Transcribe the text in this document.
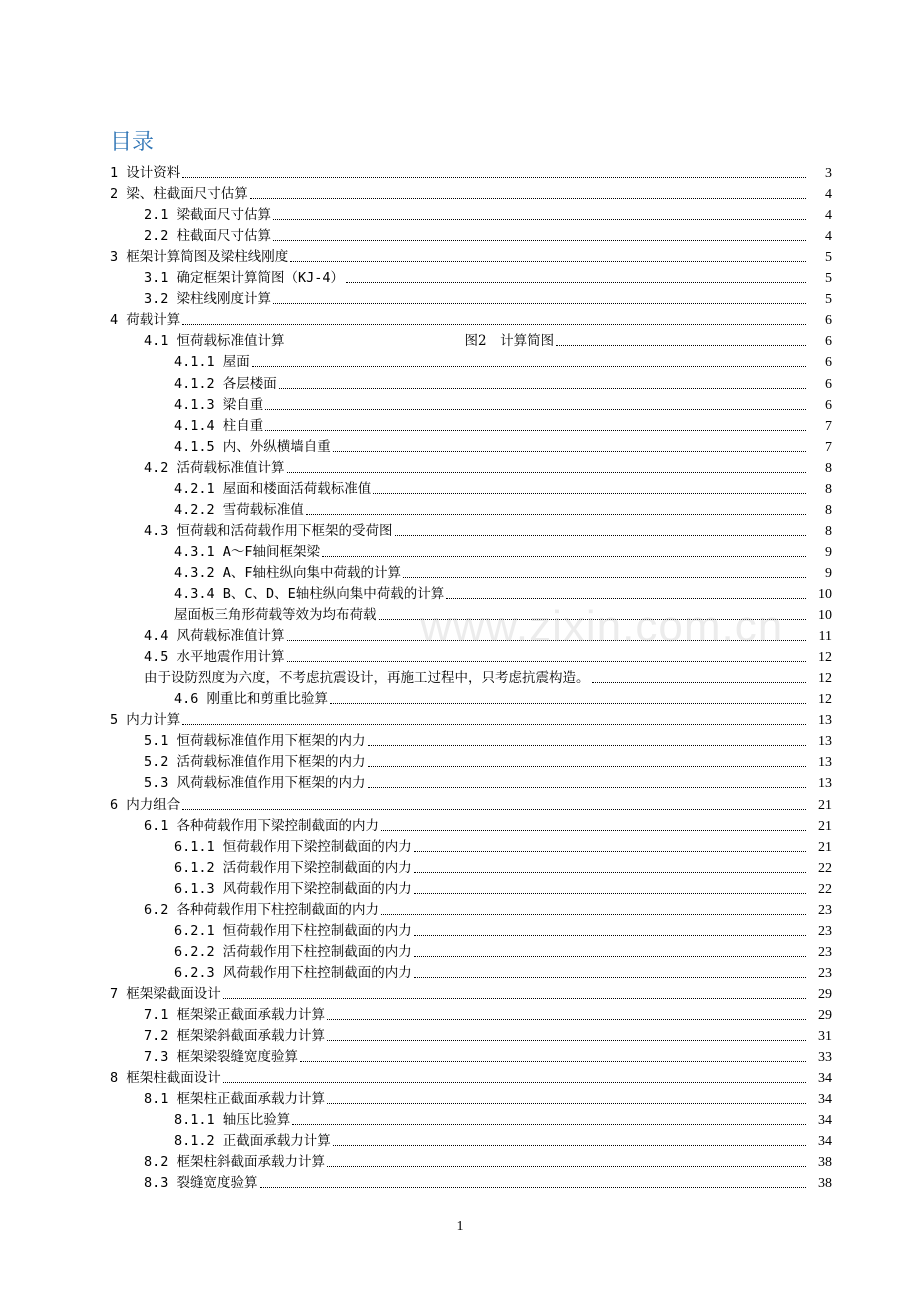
目录
1 设计资料	3
2 梁、柱截面尺寸估算	4
2.1 梁截面尺寸估算	4
2.2 柱截面尺寸估算	4
3 框架计算简图及梁柱线刚度	5
3.1 确定框架计算简图（KJ-4）	5
3.2 梁柱线刚度计算	5
4 荷载计算	6
4.1 恒荷载标准值计算	图2　计算简图	6
4.1.1 屋面	6
4.1.2 各层楼面	6
4.1.3 梁自重	6
4.1.4 柱自重	7
4.1.5 内、外纵横墙自重	7
4.2 活荷载标准值计算	8
4.2.1 屋面和楼面活荷载标准值	8
4.2.2 雪荷载标准值	8
4.3 恒荷载和活荷载作用下框架的受荷图	8
4.3.1 A～F轴间框架梁	9
4.3.2 A、F轴柱纵向集中荷载的计算	9
4.3.4 B、C、D、E轴柱纵向集中荷载的计算	10
屋面板三角形荷载等效为均布荷载	10
4.4 风荷载标准值计算	11
4.5 水平地震作用计算	12
由于设防烈度为六度，不考虑抗震设计，再施工过程中，只考虑抗震构造。	12
4.6 刚重比和剪重比验算	12
5 内力计算	13
5.1 恒荷载标准值作用下框架的内力	13
5.2 活荷载标准值作用下框架的内力	13
5.3 风荷载标准值作用下框架的内力	13
6 内力组合	21
6.1 各种荷载作用下梁控制截面的内力	21
6.1.1 恒荷载作用下梁控制截面的内力	21
6.1.2 活荷载作用下梁控制截面的内力	22
6.1.3 风荷载作用下梁控制截面的内力	22
6.2 各种荷载作用下柱控制截面的内力	23
6.2.1 恒荷载作用下柱控制截面的内力	23
6.2.2 活荷载作用下柱控制截面的内力	23
6.2.3 风荷载作用下柱控制截面的内力	23
7 框架梁截面设计	29
7.1 框架梁正截面承载力计算	29
7.2 框架梁斜截面承载力计算	31
7.3 框架梁裂缝宽度验算	33
8 框架柱截面设计	34
8.1 框架柱正截面承载力计算	34
8.1.1 轴压比验算	34
8.1.2 正截面承载力计算	34
8.2 框架柱斜截面承载力计算	38
8.3 裂缝宽度验算	38
www.zixin.com.cn
1
